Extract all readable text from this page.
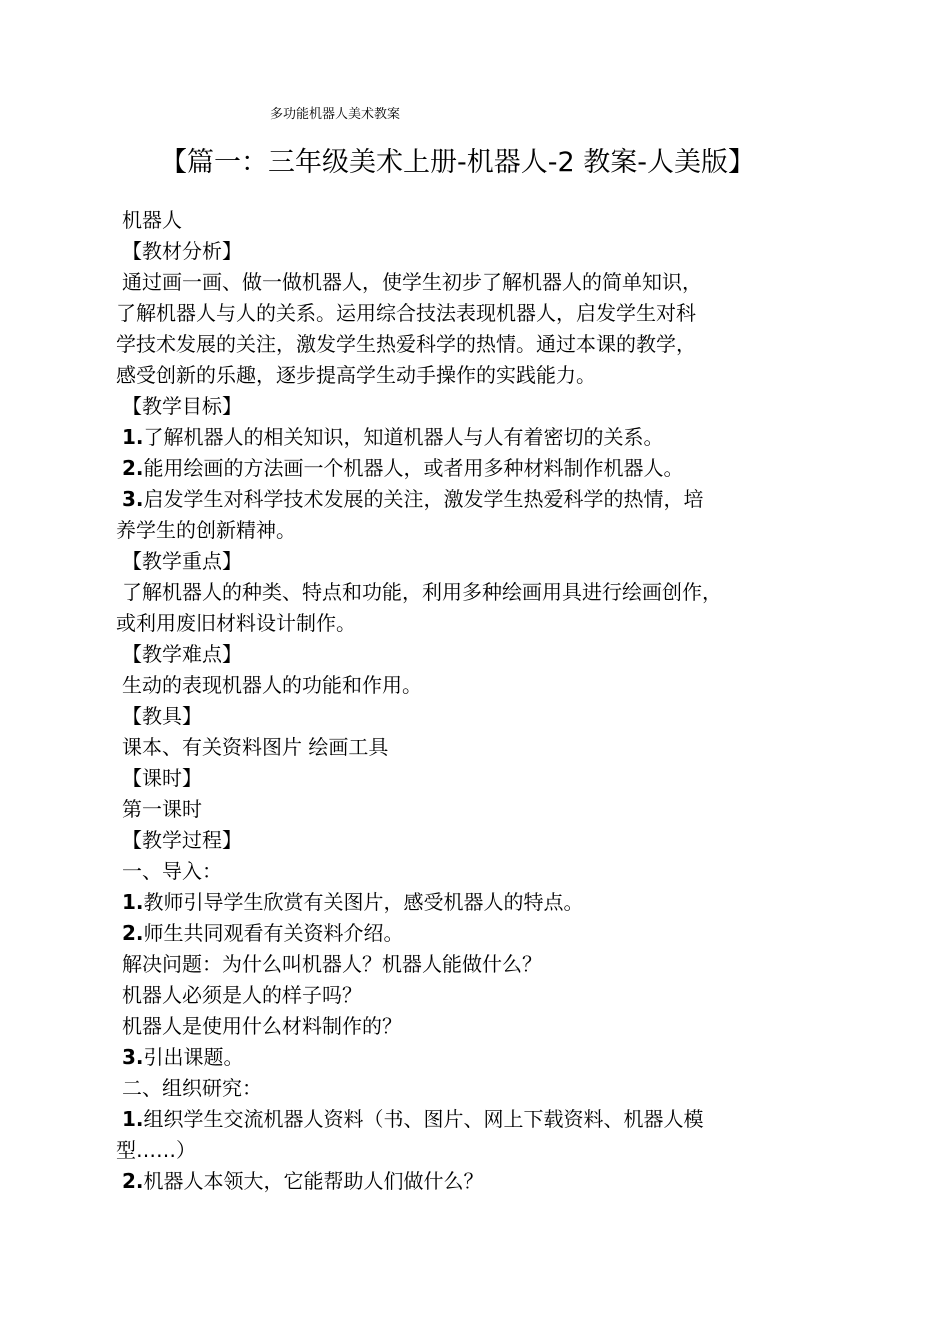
多功能机器人美术教案
【篇一：三年级美术上册-机器人-2 教案-人美版】
机器人
【教材分析】
通过画一画、做一做机器人，使学生初步了解机器人的简单知识，
了解机器人与人的关系。运用综合技法表现机器人，启发学生对科
学技术发展的关注，激发学生热爱科学的热情。通过本课的教学，
感受创新的乐趣，逐步提高学生动手操作的实践能力。
【教学目标】
1.了解机器人的相关知识，知道机器人与人有着密切的关系。
2.能用绘画的方法画一个机器人，或者用多种材料制作机器人。
3.启发学生对科学技术发展的关注，激发学生热爱科学的热情，培
养学生的创新精神。
【教学重点】
了解机器人的种类、特点和功能，利用多种绘画用具进行绘画创作，
或利用废旧材料设计制作。
【教学难点】
生动的表现机器人的功能和作用。
【教具】
课本、有关资料图片 绘画工具
【课时】
第一课时
【教学过程】
一、导入：
1.教师引导学生欣赏有关图片，感受机器人的特点。
2.师生共同观看有关资料介绍。
解决问题：为什么叫机器人？机器人能做什么？
机器人必须是人的样子吗？
机器人是使用什么材料制作的？
3.引出课题。
二、组织研究：
1.组织学生交流机器人资料（书、图片、网上下载资料、机器人模
型……）
2.机器人本领大，它能帮助人们做什么？
